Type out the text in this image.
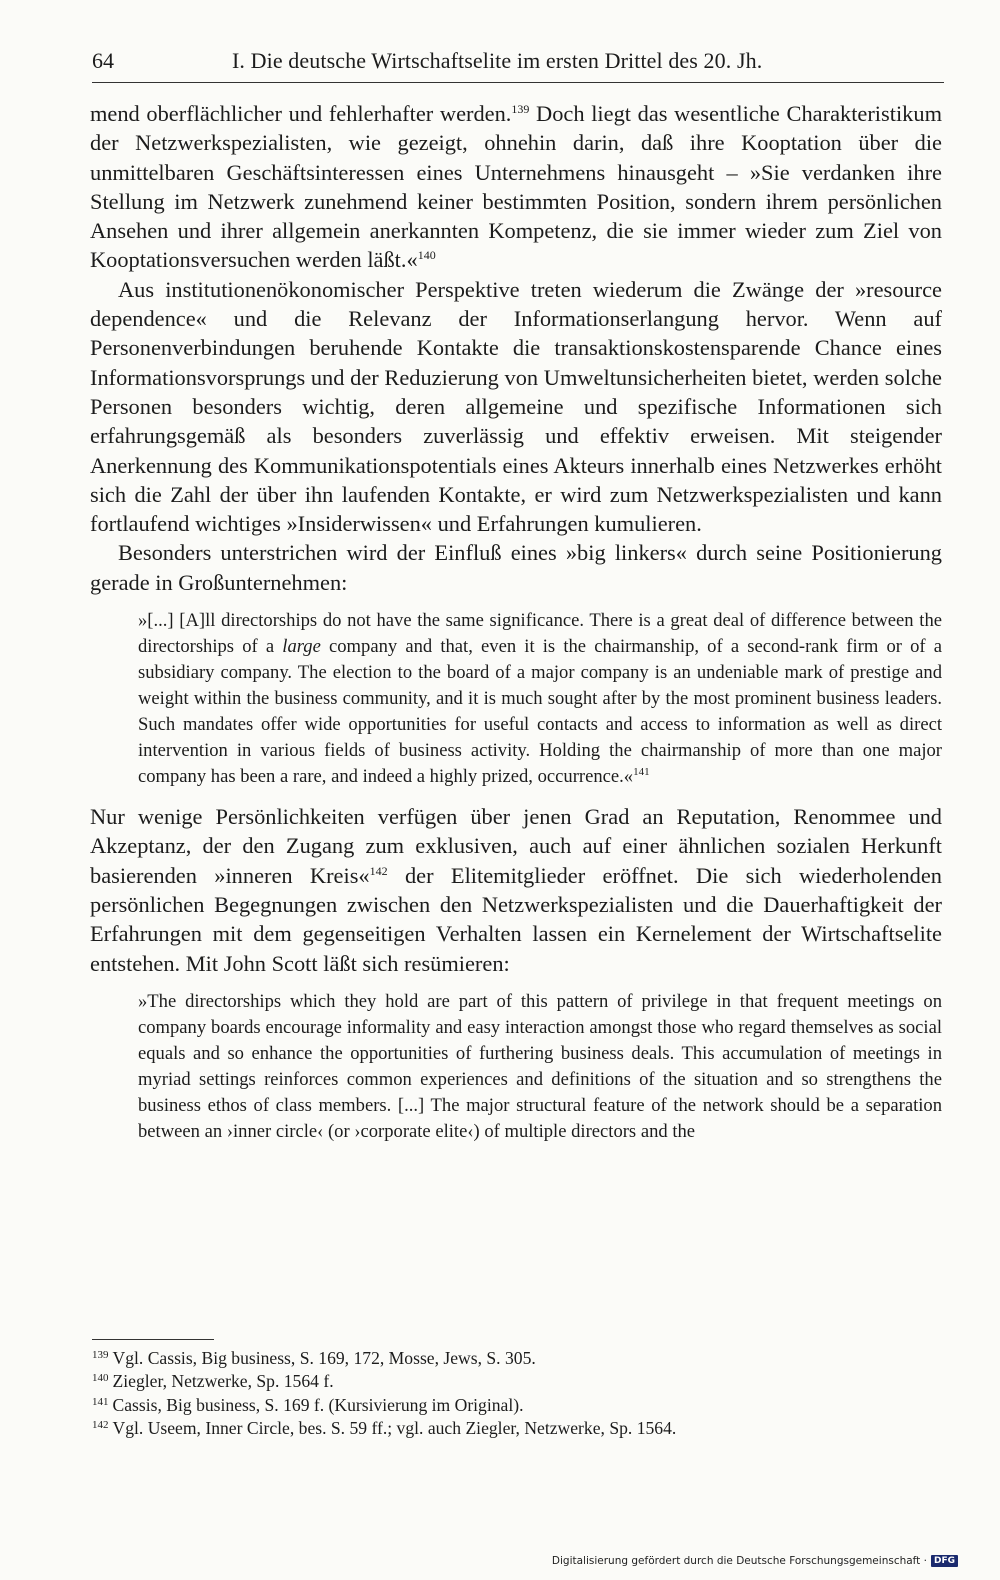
64	I. Die deutsche Wirtschaftselite im ersten Drittel des 20. Jh.

mend oberflächlicher und fehlerhafter werden.$^{139}$ Doch liegt das wesentliche Charakteristikum der Netzwerkspezialisten, wie gezeigt, ohnehin darin, daß ihre Kooptation über die unmittelbaren Geschäftsinteressen eines Unternehmens hinausgeht – »Sie verdanken ihre Stellung im Netzwerk zunehmend keiner bestimmten Position, sondern ihrem persönlichen Ansehen und ihrer allgemein anerkannten Kompetenz, die sie immer wieder zum Ziel von Kooptationsversuchen werden läßt.«$^{140}$

Aus institutionenökonomischer Perspektive treten wiederum die Zwänge der »resource dependence« und die Relevanz der Informationserlangung hervor. Wenn auf Personenverbindungen beruhende Kontakte die transaktionskostensparende Chance eines Informationsvorsprungs und der Reduzierung von Umweltunsicherheiten bietet, werden solche Personen besonders wichtig, deren allgemeine und spezifische Informationen sich erfahrungsgemäß als besonders zuverlässig und effektiv erweisen. Mit steigender Anerkennung des Kommunikationspotentials eines Akteurs innerhalb eines Netzwerkes erhöht sich die Zahl der über ihn laufenden Kontakte, er wird zum Netzwerkspezialisten und kann fortlaufend wichtiges »Insiderwissen« und Erfahrungen kumulieren.

Besonders unterstrichen wird der Einfluß eines »big linkers« durch seine Positionierung gerade in Großunternehmen:

»[...] [A]ll directorships do not have the same significance. There is a great deal of difference between the directorships of a large company and that, even it is the chairmanship, of a second-rank firm or of a subsidiary company. The election to the board of a major company is an undeniable mark of prestige and weight within the business community, and it is much sought after by the most prominent business leaders. Such mandates offer wide opportunities for useful contacts and access to information as well as direct intervention in various fields of business activity. Holding the chairmanship of more than one major company has been a rare, and indeed a highly prized, occurrence.«$^{141}$

Nur wenige Persönlichkeiten verfügen über jenen Grad an Reputation, Renommee und Akzeptanz, der den Zugang zum exklusiven, auch auf einer ähnlichen sozialen Herkunft basierenden »inneren Kreis«$^{142}$ der Elitemitglieder eröffnet. Die sich wiederholenden persönlichen Begegnungen zwischen den Netzwerkspezialisten und die Dauerhaftigkeit der Erfahrungen mit dem gegenseitigen Verhalten lassen ein Kernelement der Wirtschaftselite entstehen. Mit John Scott läßt sich resümieren:

»The directorships which they hold are part of this pattern of privilege in that frequent meetings on company boards encourage informality and easy interaction amongst those who regard themselves as social equals and so enhance the opportunities of furthering business deals. This accumulation of meetings in myriad settings reinforces common experiences and definitions of the situation and so strengthens the business ethos of class members. [...] The major structural feature of the network should be a separation between an ›inner circle‹ (or ›corporate elite‹) of multiple directors and the

$^{139}$ Vgl. Cassis, Big business, S. 169, 172, Mosse, Jews, S. 305.

$^{140}$ Ziegler, Netzwerke, Sp. 1564 f.

$^{141}$ Cassis, Big business, S. 169 f. (Kursivierung im Original).

$^{142}$ Vgl. Useem, Inner Circle, bes. S. 59 ff.; vgl. auch Ziegler, Netzwerke, Sp. 1564.

Digitalisierung gefördert durch die Deutsche Forschungsgemeinschaft · DFG
